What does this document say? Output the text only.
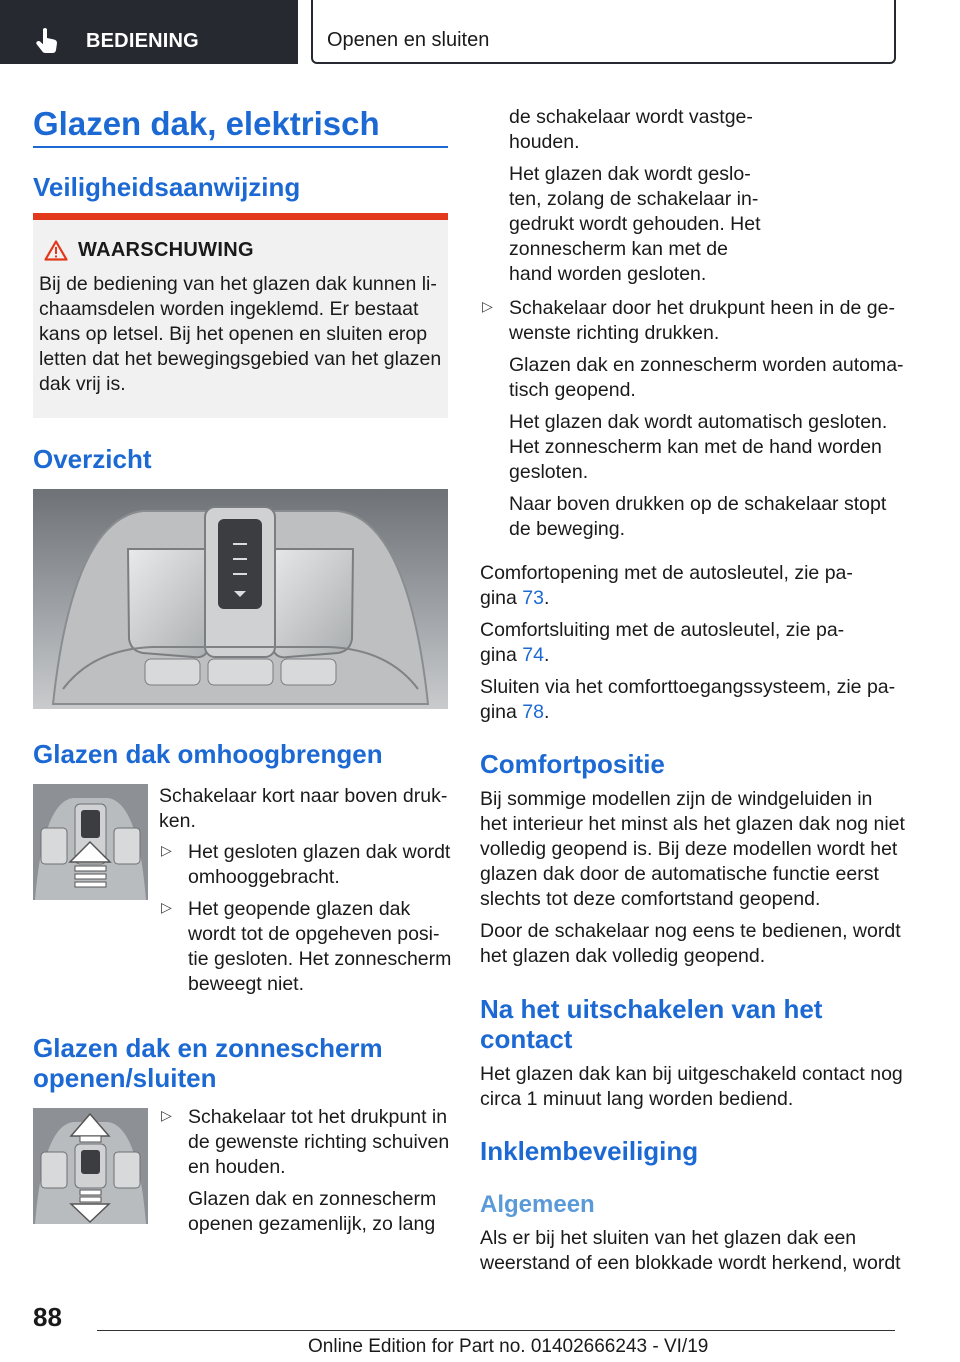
BEDIENING	Openen en sluiten
Glazen dak, elektrisch
Veiligheidsaanwijzing
WAARSCHUWING
Bij de bediening van het glazen dak kunnen li-
chaamsdelen worden ingeklemd. Er bestaat
kans op letsel. Bij het openen en sluiten erop
letten dat het bewegingsgebied van het glazen
dak vrij is.
Overzicht
Glazen dak omhoogbrengen
Schakelaar kort naar boven druk-
ken.
▷ Het gesloten glazen dak wordt
omhooggebracht.
▷ Het geopende glazen dak
wordt tot de opgeheven posi-
tie gesloten. Het zonnescherm
beweegt niet.
Glazen dak en zonnescherm
openen/sluiten
▷ Schakelaar tot het drukpunt in
de gewenste richting schuiven
en houden.
Glazen dak en zonnescherm
openen gezamenlijk, zo lang
de schakelaar wordt vastge-
houden.
Het glazen dak wordt geslo-
ten, zolang de schakelaar in-
gedrukt wordt gehouden. Het
zonnescherm kan met de
hand worden gesloten.
▷ Schakelaar door het drukpunt heen in de ge-
wenste richting drukken.
Glazen dak en zonnescherm worden automa-
tisch geopend.
Het glazen dak wordt automatisch gesloten.
Het zonnescherm kan met de hand worden
gesloten.
Naar boven drukken op de schakelaar stopt
de beweging.
Comfortopening met de autosleutel, zie pa-
gina 73.
Comfortsluiting met de autosleutel, zie pa-
gina 74.
Sluiten via het comforttoegangssysteem, zie pa-
gina 78.
Comfortpositie
Bij sommige modellen zijn de windgeluiden in
het interieur het minst als het glazen dak nog niet
volledig geopend is. Bij deze modellen wordt het
glazen dak door de automatische functie eerst
slechts tot deze comfortstand geopend.
Door de schakelaar nog eens te bedienen, wordt
het glazen dak volledig geopend.
Na het uitschakelen van het
contact
Het glazen dak kan bij uitgeschakeld contact nog
circa 1 minuut lang worden bediend.
Inklembeveiliging
Algemeen
Als er bij het sluiten van het glazen dak een
weerstand of een blokkade wordt herkend, wordt
88
Online Edition for Part no. 01402666243 - VI/19
